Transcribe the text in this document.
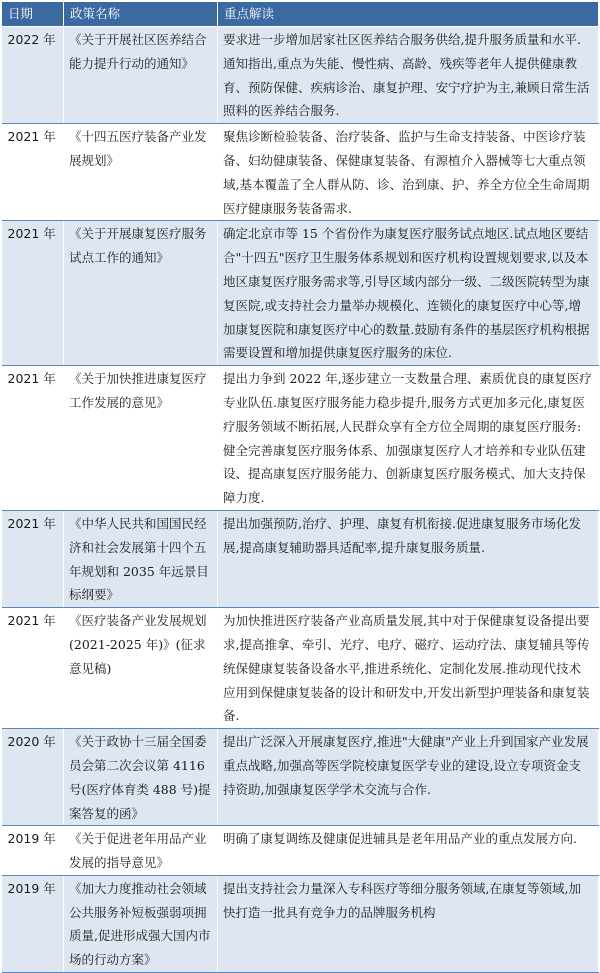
日期	政策名称	重点解读
2022 年	《关于开展社区医养结合能力提升行动的通知》	要求进一步增加居家社区医养结合服务供给,提升服务质量和水平.通知指出,重点为失能、慢性病、高龄、残疾等老年人提供健康教育、预防保健、疾病诊治、康复护理、安宁疗护为主,兼顾日常生活照料的医养结合服务.
2021 年	《十四五医疗装备产业发展规划》	聚焦诊断检验装备、治疗装备、监护与生命支持装备、中医诊疗装备、妇幼健康装备、保健康复装备、有源植介入器械等七大重点领域,基本覆盖了全人群从防、诊、治到康、护、养全方位全生命周期医疗健康服务装备需求.
2021 年	《关于开展康复医疗服务试点工作的通知》	确定北京市等 15 个省份作为康复医疗服务试点地区.试点地区要结合"十四五"医疗卫生服务体系规划和医疗机构设置规划要求,以及本地区康复医疗服务需求等,引导区域内部分一级、二级医院转型为康复医院,或支持社会力量举办规模化、连锁化的康复医疗中心等,增加康复医院和康复医疗中心的数量.鼓励有条件的基层医疗机构根据需要设置和增加提供康复医疗服务的床位.
2021 年	《关于加快推进康复医疗工作发展的意见》	提出力争到 2022 年,逐步建立一支数量合理、素质优良的康复医疗专业队伍.康复医疗服务能力稳步提升,服务方式更加多元化,康复医疗服务领域不断拓展,人民群众享有全方位全周期的康复医疗服务:健全完善康复医疗服务体系、加强康复医疗人才培养和专业队伍建设、提高康复医疗服务能力、创新康复医疗服务模式、加大支持保障力度.
2021 年	《中华人民共和国国民经济和社会发展第十四个五年规划和 2035 年远景目标纲要》	提出加强预防,治疗、护理、康复有机衔接.促进康复服务市场化发展,提高康复辅助器具适配率,提升康复服务质量.
2021 年	《医疗装备产业发展规划(2021-2025 年)》(征求意见稿)	为加快推进医疗装备产业高质量发展,其中对于保健康复设备提出要求,提高推拿、牵引、光疗、电疗、磁疗、运动疗法、康复辅具等传统保健康复装备设备水平,推进系统化、定制化发展.推动现代技术应用到保健康复装备的设计和研发中,开发出新型护理装备和康复装备.
2020 年	《关于政协十三届全国委员会第二次会议第 4116 号(医疗体育类 488 号)提案答复的函》	提出广泛深入开展康复医疗,推进"大健康"产业上升到国家产业发展重点战略,加强高等医学院校康复医学专业的建设,设立专项资金支持资助,加强康复医学学术交流与合作.
2019 年	《关于促进老年用品产业发展的指导意见》	明确了康复调练及健康促进辅具是老年用品产业的重点发展方向.
2019 年	《加大力度推动社会领域公共服务补短板强弱项拥质量,促进形成强大国内市场的行动方案》	提出支持社会力量深入专科医疗等细分服务领域,在康复等领域,加快打造一批具有竞争力的品牌服务机构
